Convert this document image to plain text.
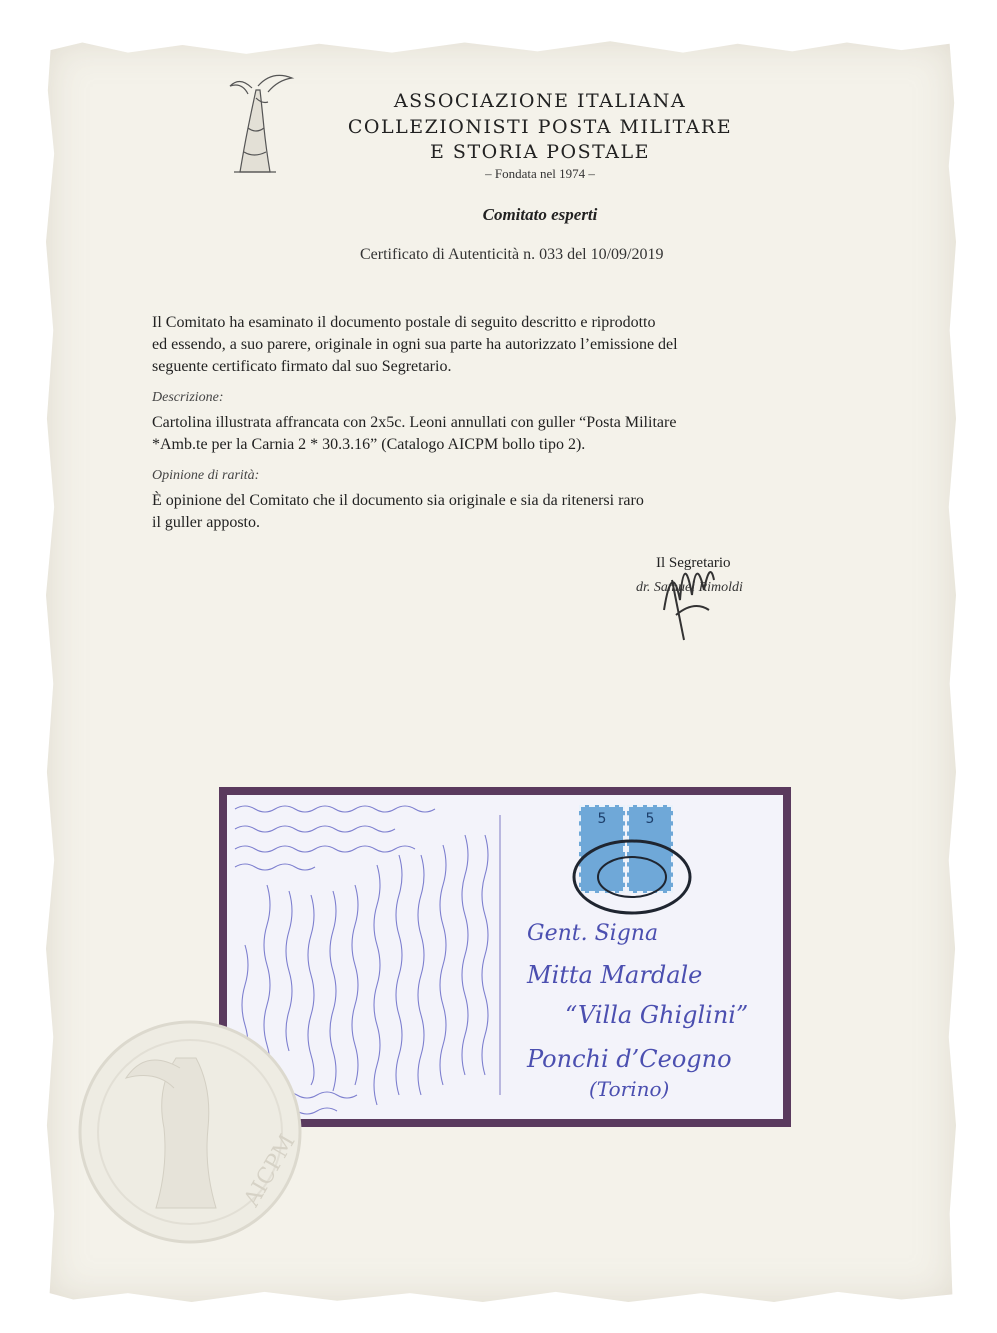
ASSOCIAZIONE ITALIANA
COLLEZIONISTI POSTA MILITARE
E STORIA POSTALE
– Fondata nel 1974 –
Comitato esperti
Certificato di Autenticità n. 033 del 10/09/2019
Il Comitato ha esaminato il documento postale di seguito descritto e riprodotto
ed essendo, a suo parere, originale in ogni sua parte ha autorizzato l’emissione del
seguente certificato firmato dal suo Segretario.
Descrizione:
Cartolina illustrata affrancata con 2x5c. Leoni annullati con guller “Posta Militare
*Amb.te per la Carnia 2 * 30.3.16” (Catalogo AICPM bollo tipo 2).
Opinione di rarità:
È opinione del Comitato che il documento sia originale e sia da ritenersi raro
il guller apposto.
Il Segretario
dr. Samuel Rimoldi
5	5
Gent. Signa
Mitta Mardale
“Villa Ghiglini”
Ponchi d’Ceogno
(Torino)
AICPM
